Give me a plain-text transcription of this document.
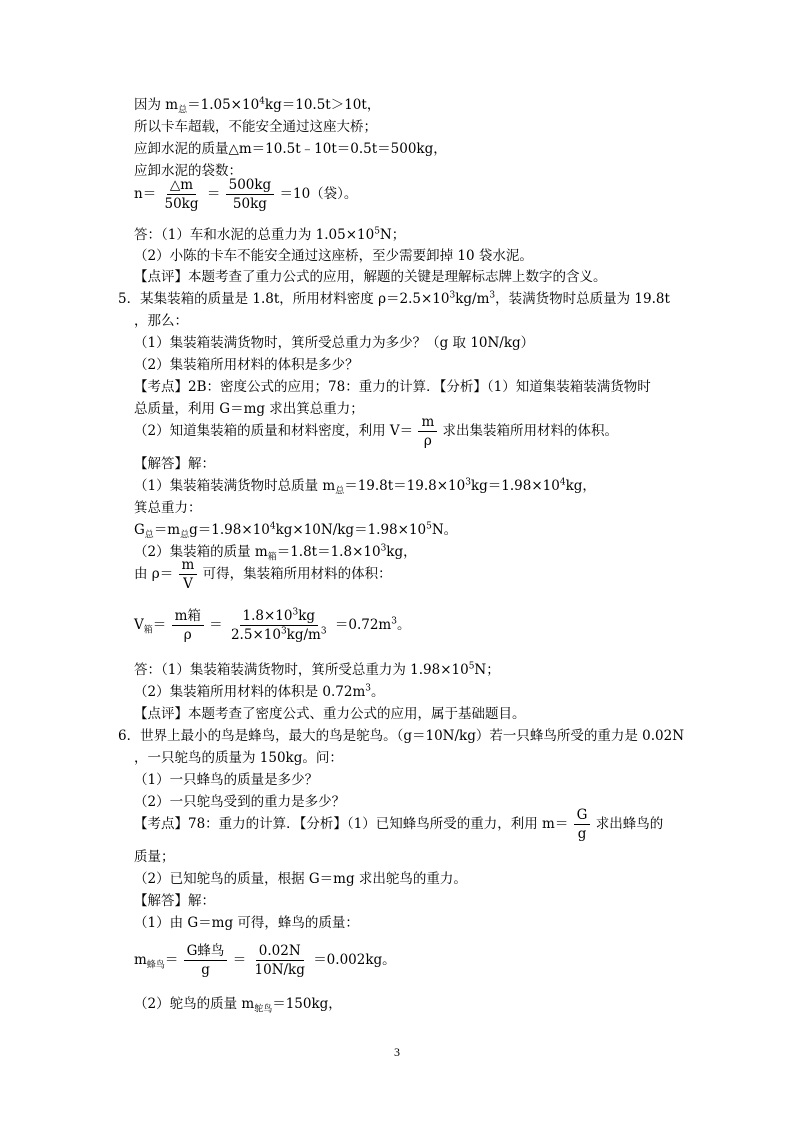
因为 $m_总=1.05\times 10^4kg=10.5t>10t$，
所以卡车超载，不能安全通过这座大桥；
应卸水泥的质量△m＝10.5t﹣10t＝0.5t＝500kg，
应卸水泥的袋数：
$n= \frac{\triangle m}{50kg} = \frac{500kg}{50kg} =10$（袋）。
答：（1）车和水泥的总重力为 $1.05\times 10^5N$；
（2）小陈的卡车不能安全通过这座桥，至少需要卸掉 10 袋水泥。
【点评】本题考查了重力公式的应用，解题的关键是理解标志牌上数字的含义。
5．某集装箱的质量是 1.8t，所用材料密度 $\rho=2.5\times 10^3kg/m^3$，装满货物时总质量为 19.8t
，那么：
（1）集装箱装满货物时，箕所受总重力为多少？（g 取 10N/kg）
（2）集装箱所用材料的体积是多少？
【考点】2B：密度公式的应用；78：重力的计算．【分析】（1）知道集装箱装满货物时
总质量，利用 G＝mg 求出箕总重力；
（2）知道集装箱的质量和材料密度，利用 $V= \frac{m}{\rho}$ 求出集装箱所用材料的体积。
【解答】解：
（1）集装箱装满货物时总质量 $m_总=19.8t=19.8\times 10^3kg=1.98\times 10^4kg$，
箕总重力：
$G_总=m_总g=1.98\times 10^4kg\times 10N/kg=1.98\times 10^5N$。
（2）集装箱的质量 $m_箱=1.8t=1.8\times 10^3kg$，
由 $\rho= \frac{m}{V}$ 可得，集装箱所用材料的体积：
$V_箱= \frac{\text{m箱}}{\rho} = \frac{1.8\times 10^3kg}{2.5\times 10^3kg/m^3} =0.72m^3$。
答：（1）集装箱装满货物时，箕所受总重力为 $1.98\times 10^5N$；
（2）集装箱所用材料的体积是 $0.72m^3$。
【点评】本题考查了密度公式、重力公式的应用，属于基础题目。
6．世界上最小的鸟是蜂鸟，最大的鸟是鸵鸟。（g＝10N/kg）若一只蜂鸟所受的重力是 0.02N
，一只鸵鸟的质量为 150kg。问：
（1）一只蜂鸟的质量是多少？
（2）一只鸵鸟受到的重力是多少？
【考点】78：重力的计算．【分析】（1）已知蜂鸟所受的重力，利用 $m= \frac{G}{g}$ 求出蜂鸟的
质量；
（2）已知鸵鸟的质量，根据 G＝mg 求出鸵鸟的重力。
【解答】解：
（1）由 G＝mg 可得，蜂鸟的质量：
$m_{蜂鸟}= \frac{\text{G蜂鸟}}{g} = \frac{0.02N}{10N/kg} =0.002kg$。
（2）鸵鸟的质量 $m_{鸵鸟}=150kg$，
3
